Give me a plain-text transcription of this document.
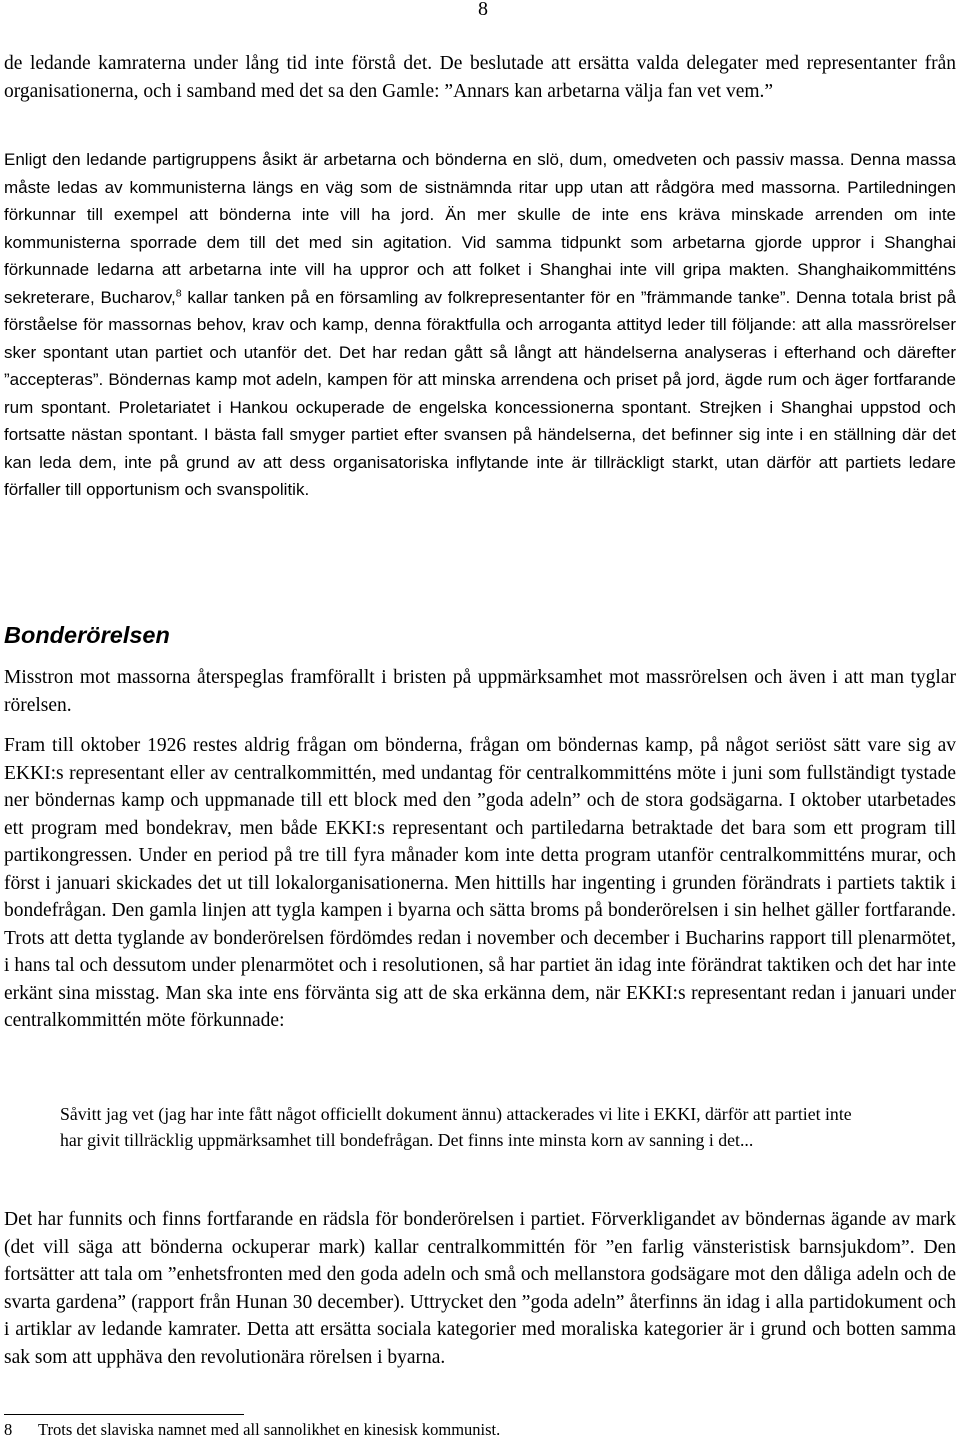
8

de ledande kamraterna under lång tid inte förstå det. De beslutade att ersätta valda delegater med representanter från organisationerna, och i samband med det sa den Gamle: ”Annars kan arbetarna välja fan vet vem.”

Enligt den ledande partigruppens åsikt är arbetarna och bönderna en slö, dum, omedveten och passiv massa. Denna massa måste ledas av kommunisterna längs en väg som de sistnämnda ritar upp utan att rådgöra med massorna. Partiledningen förkunnar till exempel att bönderna inte vill ha jord. Än mer skulle de inte ens kräva minskade arrenden om inte kommunisterna sporrade dem till det med sin agitation. Vid samma tidpunkt som arbetarna gjorde uppror i Shanghai förkunnade ledarna att arbetarna inte vill ha uppror och att folket i Shanghai inte vill gripa makten. Shanghaikommitténs sekreterare, Bucharov,$^8$ kallar tanken på en församling av folkrepresentanter för en ”främmande tanke”. Denna totala brist på förståelse för massornas behov, krav och kamp, denna föraktfulla och arroganta attityd leder till följande: att alla massrörelser sker spontant utan partiet och utanför det. Det har redan gått så långt att händelserna analyseras i efterhand och därefter ”accepteras”. Böndernas kamp mot adeln, kampen för att minska arrendena och priset på jord, ägde rum och äger fortfarande rum spontant. Proletariatet i Hankou ockuperade de engelska koncessionerna spontant. Strejken i Shanghai uppstod och fortsatte nästan spontant. I bästa fall smyger partiet efter svansen på händelserna, det befinner sig inte i en ställning där det kan leda dem, inte på grund av att dess organisatoriska inflytande inte är tillräckligt starkt, utan därför att partiets ledare förfaller till opportunism och svanspolitik.

Bonderörelsen

Misstron mot massorna återspeglas framförallt i bristen på uppmärksamhet mot massrörelsen och även i att man tyglar rörelsen.

Fram till oktober 1926 restes aldrig frågan om bönderna, frågan om böndernas kamp, på något seriöst sätt vare sig av EKKI:s representant eller av centralkommittén, med undantag för centralkommitténs möte i juni som fullständigt tystade ner böndernas kamp och uppmanade till ett block med den ”goda adeln” och de stora godsägarna. I oktober utarbetades ett program med bondekrav, men både EKKI:s representant och partiledarna betraktade det bara som ett program till partikongressen. Under en period på tre till fyra månader kom inte detta program utanför centralkommitténs murar, och först i januari skickades det ut till lokalorganisationerna. Men hittills har ingenting i grunden förändrats i partiets taktik i bondefrågan. Den gamla linjen att tygla kampen i byarna och sätta broms på bonderörelsen i sin helhet gäller fortfarande. Trots att detta tyglande av bonderörelsen fördömdes redan i november och december i Bucharins rapport till plenarmötet, i hans tal och dessutom under plenarmötet och i resolutionen, så har partiet än idag inte förändrat taktiken och det har inte erkänt sina misstag. Man ska inte ens förvänta sig att de ska erkänna dem, när EKKI:s representant redan i januari under centralkommittén möte förkunnade:

Såvitt jag vet (jag har inte fått något officiellt dokument ännu) attackerades vi lite i EKKI, därför att partiet inte har givit tillräcklig uppmärksamhet till bondefrågan. Det finns inte minsta korn av sanning i det...

Det har funnits och finns fortfarande en rädsla för bonderörelsen i partiet. Förverkligandet av böndernas ägande av mark (det vill säga att bönderna ockuperar mark) kallar centralkommittén för ”en farlig vänsteristisk barnsjukdom”. Den fortsätter att tala om ”enhetsfronten med den goda adeln och små och mellanstora godsägare mot den dåliga adeln och de svarta gardena” (rapport från Hunan 30 december). Uttrycket den ”goda adeln” återfinns än idag i alla partidokument och i artiklar av ledande kamrater. Detta att ersätta sociala kategorier med moraliska kategorier är i grund och botten samma sak som att upphäva den revolutionära rörelsen i byarna.

8 Trots det slaviska namnet med all sannolikhet en kinesisk kommunist.
